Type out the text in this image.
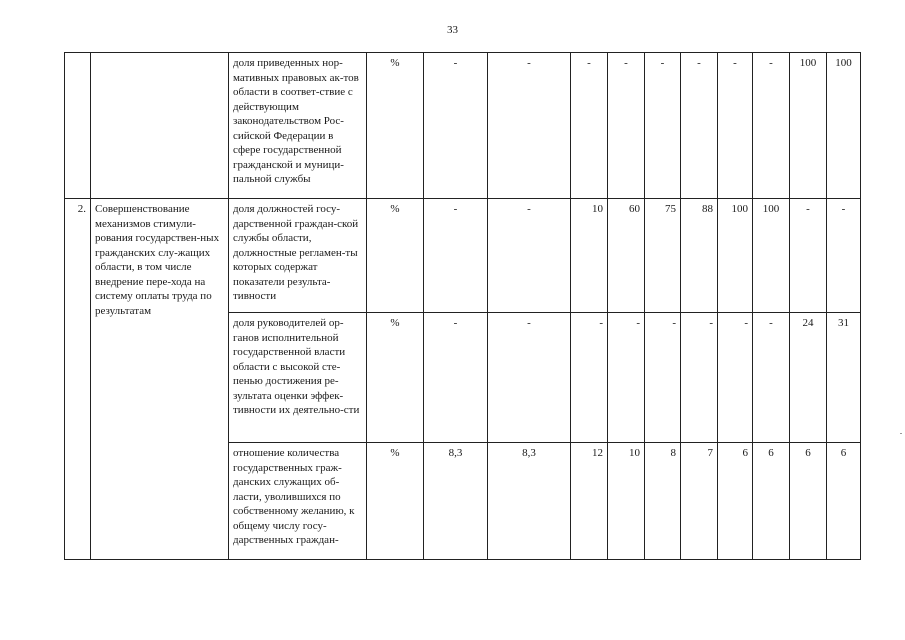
33
		доля приведенных нор-мативных правовых ак-тов области в соответ-ствие с действующим законодательством Рос-сийской Федерации в сфере государственной гражданской и муници-пальной службы	%	-	-	-	-	-	-	-	-	100	100
2.	Совершенствование механизмов стимули-рования государствен-ных гражданских слу-жащих области, в том числе внедрение пере-хода на систему оплаты труда по результатам	доля должностей госу-дарственной граждан-ской службы области, должностные регламен-ты которых содержат показатели результа-тивности	%	-	-	10	60	75	88	100	100	-	-
		доля руководителей ор-ганов исполнительной государственной власти области с высокой сте-пенью достижения ре-зультата оценки эффек-тивности их деятельно-сти	%	-	-	-	-	-	-	-	-	24	31
		отношение количества государственных граж-данских служащих об-ласти, уволившихся по собственному желанию, к общему числу госу-дарственных граждан-	%	8,3	8,3	12	10	8	7	6	6	6	6
